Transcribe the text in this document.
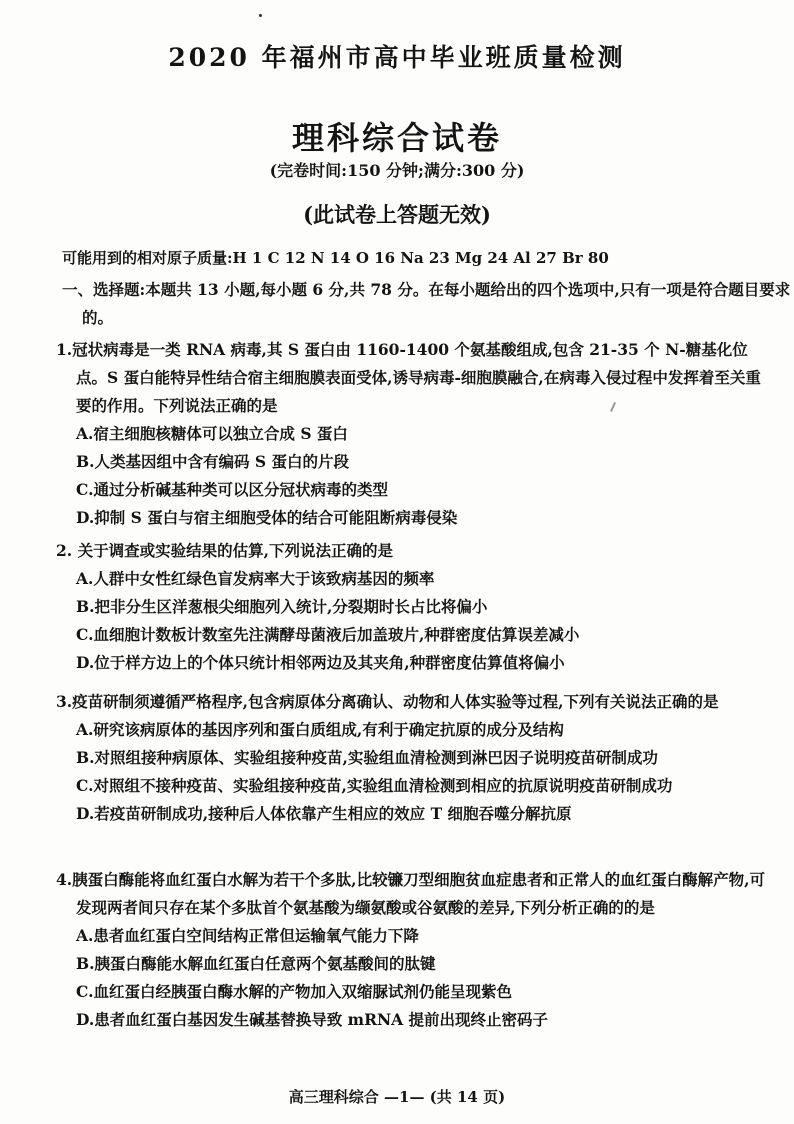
2020 年福州市高中毕业班质量检测
理科综合试卷
(完卷时间:150 分钟;满分:300 分)
(此试卷上答题无效)
可能用到的相对原子质量:H 1 C 12 N 14 O 16 Na 23 Mg 24 Al 27 Br 80
一、选择题:本题共 13 小题,每小题 6 分,共 78 分。在每小题给出的四个选项中,只有一项是符合题目要求的。
1.冠状病毒是一类 RNA 病毒,其 S 蛋白由 1160-1400 个氨基酸组成,包含 21-35 个 N-糖基化位点。S 蛋白能特异性结合宿主细胞膜表面受体,诱导病毒-细胞膜融合,在病毒入侵过程中发挥着至关重要的作用。下列说法正确的是
A.宿主细胞核糖体可以独立合成 S 蛋白
B.人类基因组中含有编码 S 蛋白的片段
C.通过分析碱基种类可以区分冠状病毒的类型
D.抑制 S 蛋白与宿主细胞受体的结合可能阻断病毒侵染
2. 关于调查或实验结果的估算,下列说法正确的是
A.人群中女性红绿色盲发病率大于该致病基因的频率
B.把非分生区洋葱根尖细胞列入统计,分裂期时长占比将偏小
C.血细胞计数板计数室先注满酵母菌液后加盖玻片,种群密度估算误差减小
D.位于样方边上的个体只统计相邻两边及其夹角,种群密度估算值将偏小
3.疫苗研制须遵循严格程序,包含病原体分离确认、动物和人体实验等过程,下列有关说法正确的是
A.研究该病原体的基因序列和蛋白质组成,有利于确定抗原的成分及结构
B.对照组接种病原体、实验组接种疫苗,实验组血清检测到淋巴因子说明疫苗研制成功
C.对照组不接种疫苗、实验组接种疫苗,实验组血清检测到相应的抗原说明疫苗研制成功
D.若疫苗研制成功,接种后人体依靠产生相应的效应 T 细胞吞噬分解抗原
4.胰蛋白酶能将血红蛋白水解为若干个多肽,比较镰刀型细胞贫血症患者和正常人的血红蛋白酶解产物,可发现两者间只存在某个多肽首个氨基酸为缬氨酸或谷氨酸的差异,下列分析正确的的是
A.患者血红蛋白空间结构正常但运输氧气能力下降
B.胰蛋白酶能水解血红蛋白任意两个氨基酸间的肽键
C.血红蛋白经胰蛋白酶水解的产物加入双缩脲试剂仍能呈现紫色
D.患者血红蛋白基因发生碱基替换导致 mRNA 提前出现终止密码子
高三理科综合 —1— (共 14 页)
